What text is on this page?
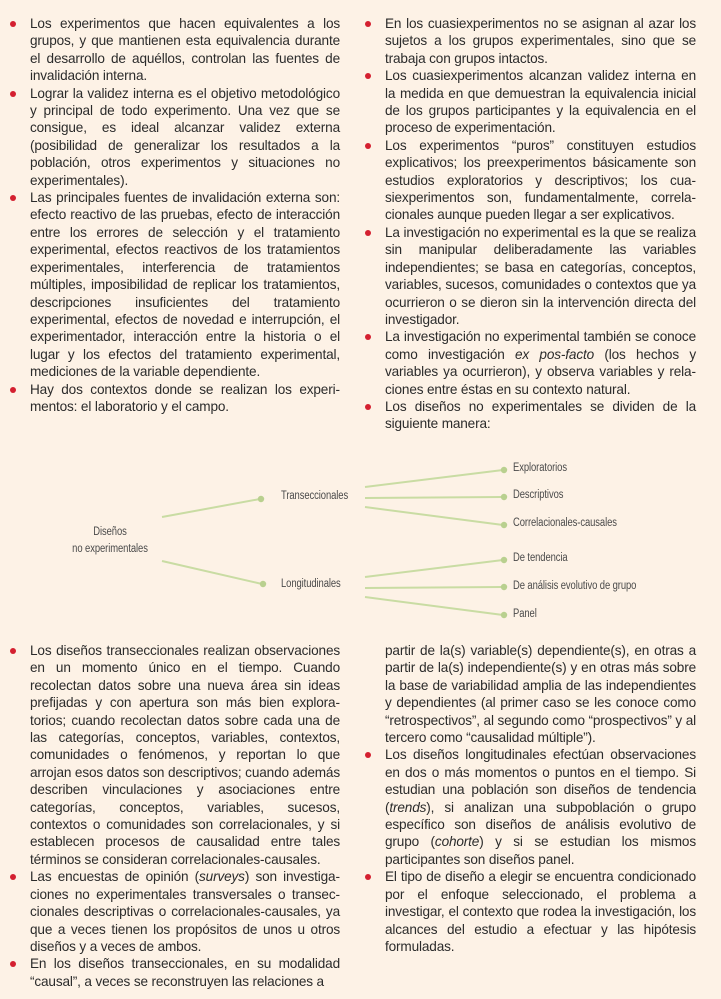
Los experimentos que hacen equivalentes a los grupos, y que mantienen esta equivalencia durante el desarrollo de aquéllos, controlan las fuentes de invalidación interna.
Lograr la validez interna es el objetivo metodológico y principal de todo experimento. Una vez que se consigue, es ideal alcanzar validez externa (posibilidad de generalizar los resultados a la población, otros experimentos y situaciones no experimentales).
Las principales fuentes de invalidación externa son: efecto reactivo de las pruebas, efecto de interacción entre los errores de selección y el tratamiento experimental, efectos reactivos de los tratamientos experimentales, interferencia de tratamientos múltiples, imposibilidad de replicar los tratamientos, descripciones insuficientes del tratamiento experimental, efectos de novedad e interrupción, el experimentador, interacción entre la historia o el lugar y los efectos del tratamiento experimental, mediciones de la variable dependiente.
Hay dos contextos donde se realizan los experimentos: el laboratorio y el campo.
En los cuasiexperimentos no se asignan al azar los sujetos a los grupos experimentales, sino que se trabaja con grupos intactos.
Los cuasiexperimentos alcanzan validez interna en la medida en que demuestran la equivalencia inicial de los grupos participantes y la equivalencia en el proceso de experimentación.
Los experimentos “puros” constituyen estudios explicativos; los preexperimentos básicamente son estudios exploratorios y descriptivos; los cuasiexperimentos son, fundamentalmente, correlacionales aunque pueden llegar a ser explicativos.
La investigación no experimental es la que se realiza sin manipular deliberadamente las variables independientes; se basa en categorías, conceptos, variables, sucesos, comunidades o contextos que ya ocurrieron o se dieron sin la intervención directa del investigador.
La investigación no experimental también se conoce como investigación ex pos-facto (los hechos y variables ya ocurrieron), y observa variables y relaciones entre éstas en su contexto natural.
Los diseños no experimentales se dividen de la siguiente manera:
Diseños
no experimentales
Transeccionales
Longitudinales
Exploratorios
Descriptivos
Correlacionales-causales
De tendencia
De análisis evolutivo de grupo
Panel
Los diseños transeccionales realizan observaciones en un momento único en el tiempo. Cuando recolectan datos sobre una nueva área sin ideas prefijadas y con apertura son más bien exploratorios; cuando recolectan datos sobre cada una de las categorías, conceptos, variables, contextos, comunidades o fenómenos, y reportan lo que arrojan esos datos son descriptivos; cuando además describen vinculaciones y asociaciones entre categorías, conceptos, variables, sucesos, contextos o comunidades son correlacionales, y si establecen procesos de causalidad entre tales términos se consideran correlacionales-causales.
Las encuestas de opinión (surveys) son investigaciones no experimentales transversales o transeccionales descriptivas o correlacionales-causales, ya que a veces tienen los propósitos de unos u otros diseños y a veces de ambos.
En los diseños transeccionales, en su modalidad “causal”, a veces se reconstruyen las relaciones a

partir de la(s) variable(s) dependiente(s), en otras a partir de la(s) independiente(s) y en otras más sobre la base de variabilidad amplia de las independientes y dependientes (al primer caso se les conoce como “retrospectivos”, al segundo como “prospectivos” y al tercero como “causalidad múltiple”).

Los diseños longitudinales efectúan observaciones en dos o más momentos o puntos en el tiempo. Si estudian una población son diseños de tendencia (trends), si analizan una subpoblación o grupo específico son diseños de análisis evolutivo de grupo (cohorte) y si se estudian los mismos participantes son diseños panel.
El tipo de diseño a elegir se encuentra condicionado por el enfoque seleccionado, el problema a investigar, el contexto que rodea la investigación, los alcances del estudio a efectuar y las hipótesis formuladas.
